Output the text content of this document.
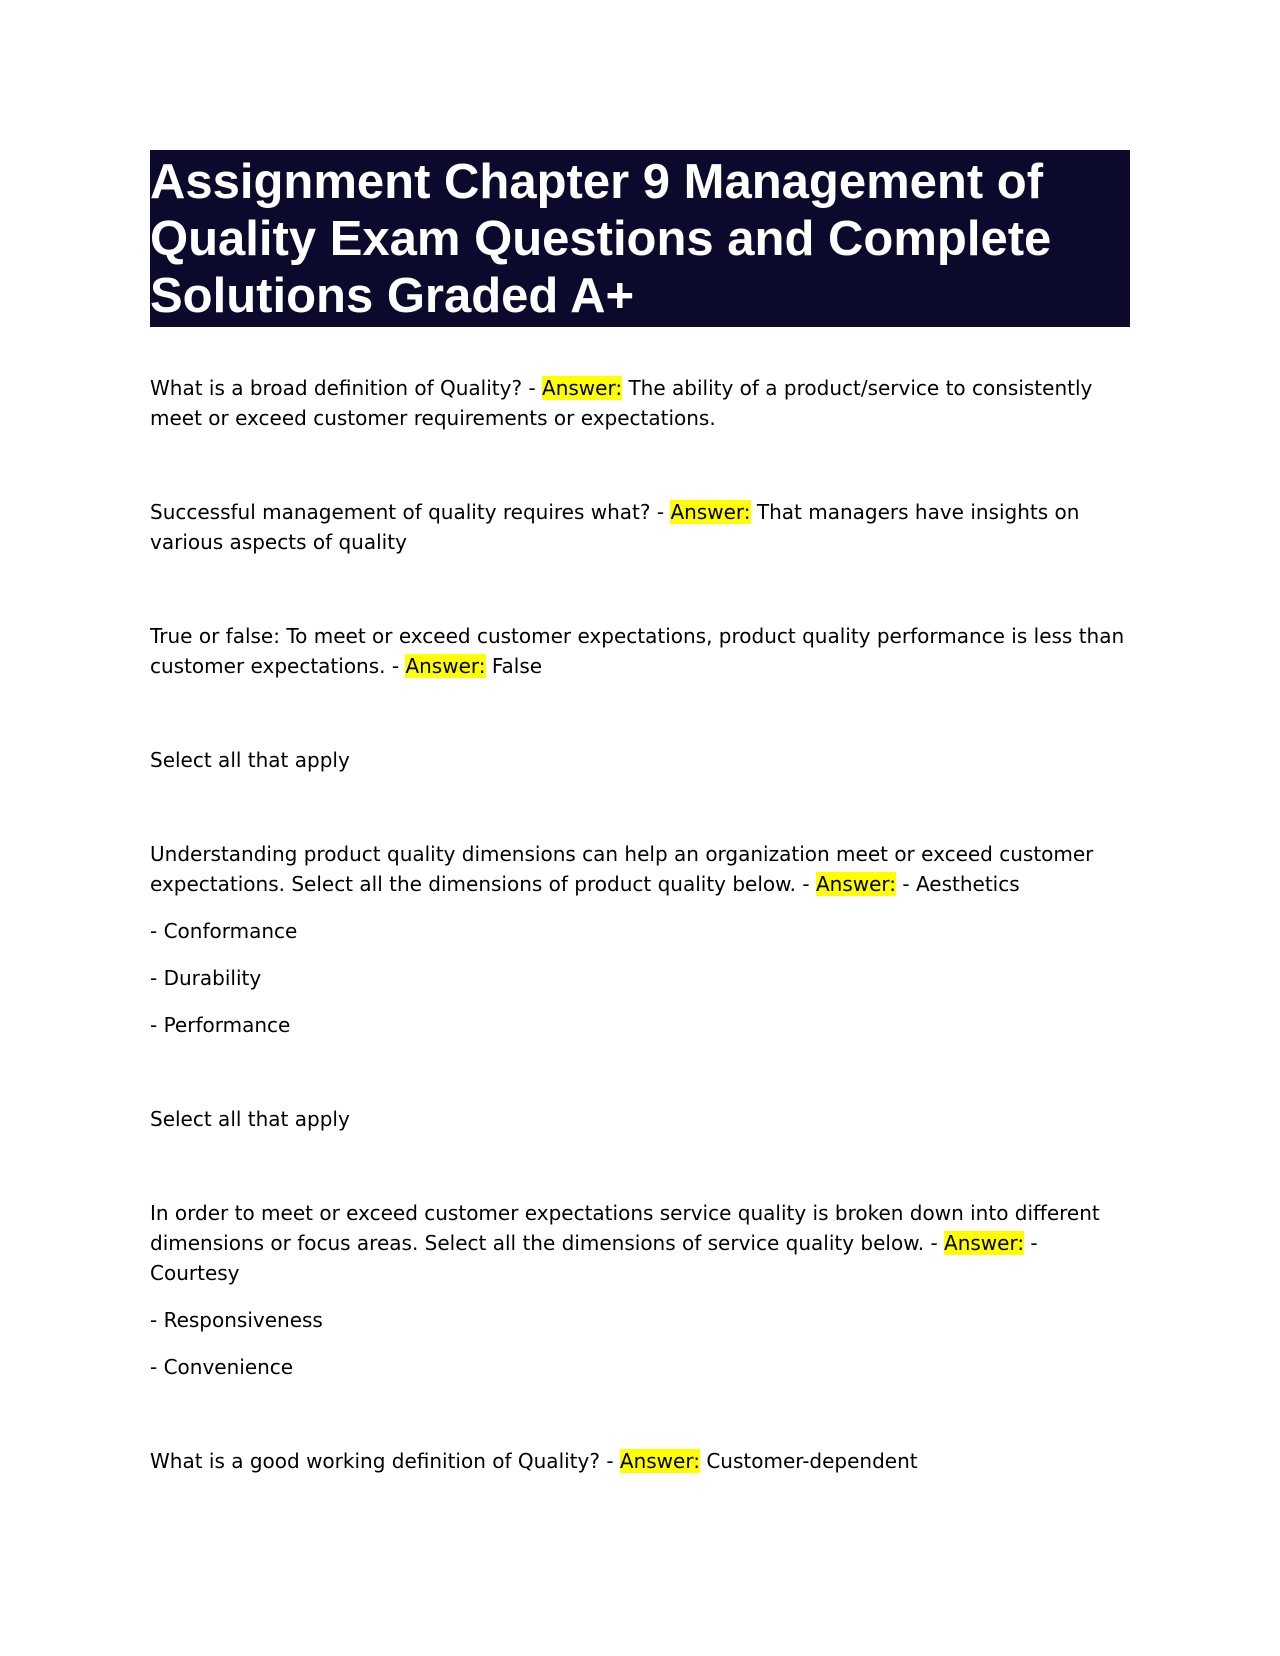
Assignment Chapter 9 Management of
Quality Exam Questions and Complete
Solutions Graded A+

What is a broad definition of Quality? - Answer: The ability of a product/service to consistently meet or exceed customer requirements or expectations.

Successful management of quality requires what? - Answer: That managers have insights on various aspects of quality

True or false: To meet or exceed customer expectations, product quality performance is less than customer expectations. - Answer: False

Select all that apply

Understanding product quality dimensions can help an organization meet or exceed customer expectations. Select all the dimensions of product quality below. - Answer: - Aesthetics

- Conformance

- Durability

- Performance

Select all that apply

In order to meet or exceed customer expectations service quality is broken down into different dimensions or focus areas. Select all the dimensions of service quality below. - Answer: - Courtesy

- Responsiveness

- Convenience

What is a good working definition of Quality? - Answer: Customer-dependent
